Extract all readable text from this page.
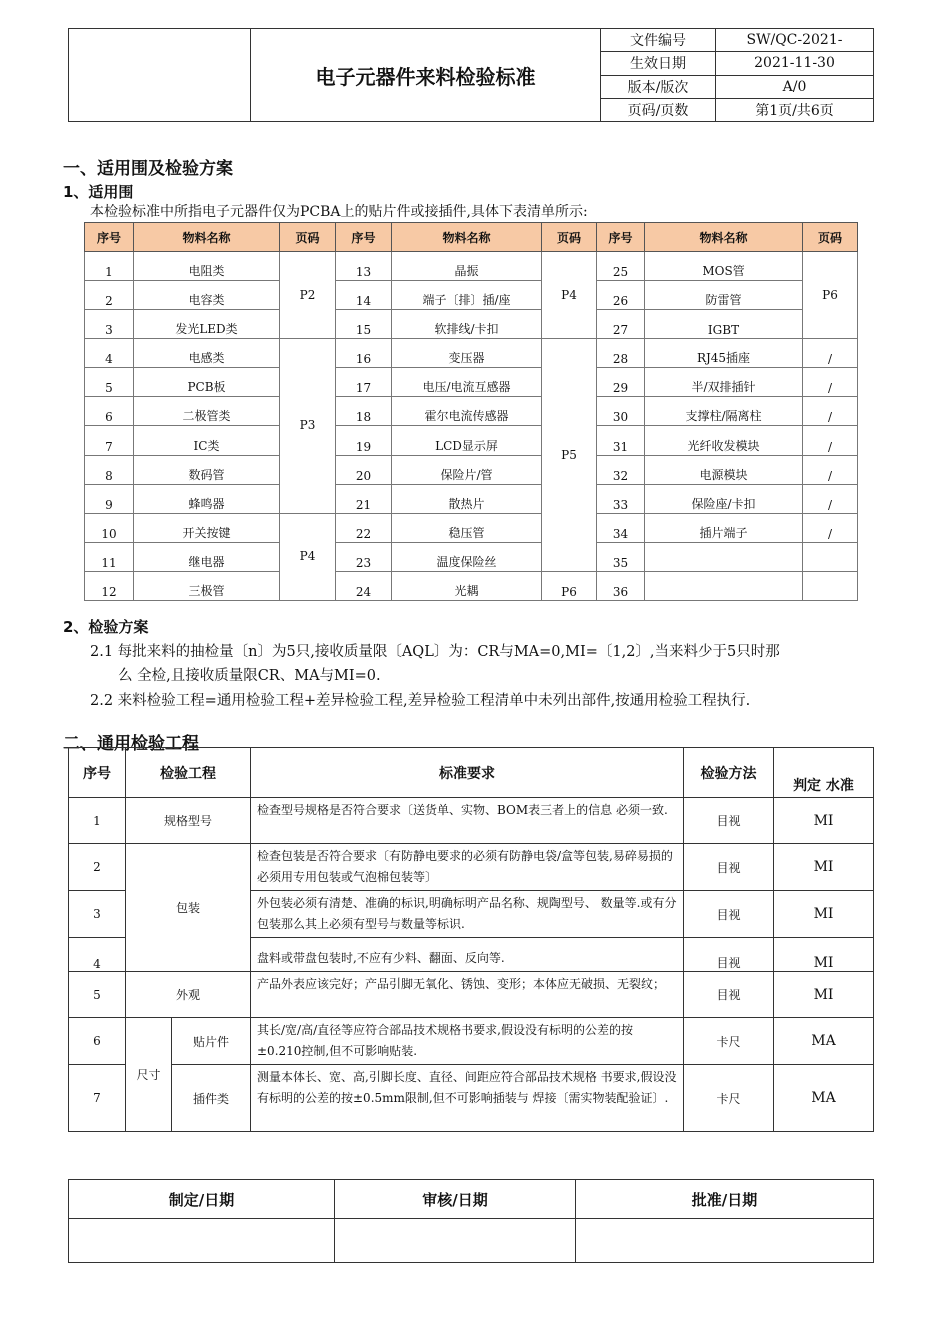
	电子元器件来料检验标准	文件编号	SW/QC-2021-
		生效日期	2021-11-30
		版本/版次	A/0
		页码/页数	第1页/共6页
一、适用围及检验方案
1、适用围
本检验标准中所指电子元器件仅为PCBA上的贴片件或接插件,具体下表清单所示:
序号	物料名称	页码	序号	物料名称	页码	序号	物料名称	页码
1	电阻类	P2	13	晶振	P4	25	MOS管	P6
2	电容类		14	端子〔排〕插/座		26	防雷管	
3	发光LED类		15	软排线/卡扣		27	IGBT	
4	电感类	P3	16	变压器	P5	28	RJ45插座	/
5	PCB板		17	电压/电流互感器		29	半/双排插针	/
6	二极管类		18	霍尔电流传感器		30	支撑柱/隔离柱	/
7	IC类		19	LCD显示屏		31	光纤收发模块	/
8	数码管		20	保险片/管		32	电源模块	/
9	蜂鸣器		21	散热片		33	保险座/卡扣	/
10	开关按键	P4	22	稳压管		34	插片端子	/
11	继电器		23	温度保险丝		35		
12	三极管		24	光耦	P6	36		
2、检验方案
2.1 每批来料的抽检量〔n〕为5只,接收质量限〔AQL〕为：CR与MA=0,MI=〔1,2〕,当来料少于5只时那
么 全检,且接收质量限CR、MA与MI=0.
2.2 来料检验工程=通用检验工程+差异检验工程,差异检验工程清单中未列出部件,按通用检验工程执行.
二、通用检验工程
序号	检验工程		标准要求	检验方法	判定 水准
1	规格型号		检查型号规格是否符合要求〔送货单、实物、BOM表三者上的信息 必须一致.	目视	MI
2	包装		检查包装是否符合要求〔有防静电要求的必须有防静电袋/盒等包装,易碎易损的必须用专用包装或气泡棉包装等〕	目视	MI
3			外包装必须有清楚、准确的标识,明确标明产品名称、规陶型号、 数量等.或有分包装那么其上必须有型号与数量等标识.	目视	MI
4			盘料或带盘包装时,不应有少料、翻面、反向等.	目视	MI
5	外观		产品外表应该完好；产品引脚无氧化、锈蚀、变形；本体应无破损、无裂纹；	目视	MI
6	尺寸	贴片件	其长/宽/高/直径等应符合部品技术规格书要求,假设没有标明的公差的按±0.210控制,但不可影响贴装.	卡尺	MA
7		插件类	测量本体长、宽、高,引脚长度、直径、间距应符合部品技术规格 书要求,假设没有标明的公差的按±0.5mm限制,但不可影响插装与 焊接〔需实物装配验证〕.	卡尺	MA
制定/日期	审核/日期	批准/日期
